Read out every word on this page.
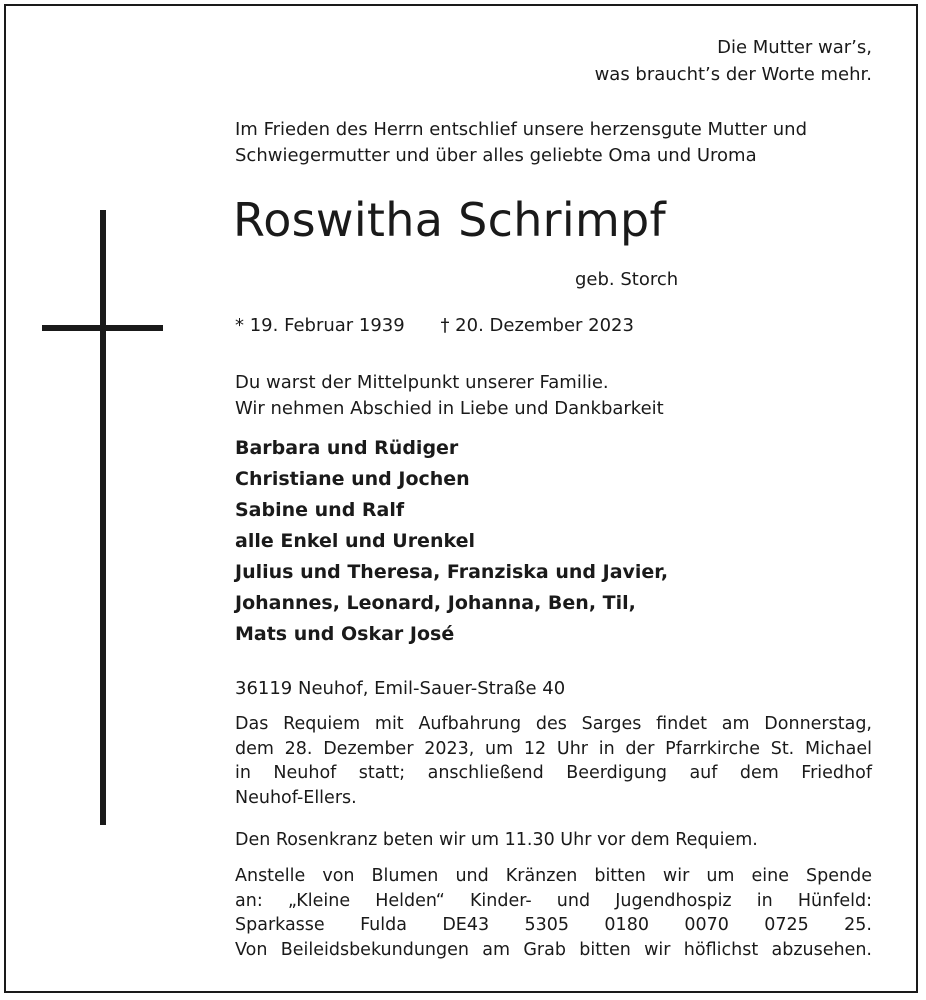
Die Mutter war’s,
was braucht’s der Worte mehr.
Im Frieden des Herrn entschlief unsere herzensgute Mutter und
Schwiegermutter und über alles geliebte Oma und Uroma
Roswitha Schrimpf
geb. Storch
* 19. Februar 1939 † 20. Dezember 2023
Du warst der Mittelpunkt unserer Familie.
Wir nehmen Abschied in Liebe und Dankbarkeit
Barbara und Rüdiger
Christiane und Jochen
Sabine und Ralf
alle Enkel und Urenkel
Julius und Theresa, Franziska und Javier,
Johannes, Leonard, Johanna, Ben, Til,
Mats und Oskar José
36119 Neuhof, Emil-Sauer-Straße 40
Das Requiem mit Aufbahrung des Sarges findet am Donnerstag,
dem 28. Dezember 2023, um 12 Uhr in der Pfarrkirche St. Michael
in Neuhof statt; anschließend Beerdigung auf dem Friedhof
Neuhof-Ellers.
Den Rosenkranz beten wir um 11.30 Uhr vor dem Requiem.
Anstelle von Blumen und Kränzen bitten wir um eine Spende
an: „Kleine Helden“ Kinder- und Jugendhospiz in Hünfeld:
Sparkasse Fulda DE43 5305 0180 0070 0725 25.
Von Beileidsbekundungen am Grab bitten wir höflichst abzusehen.
